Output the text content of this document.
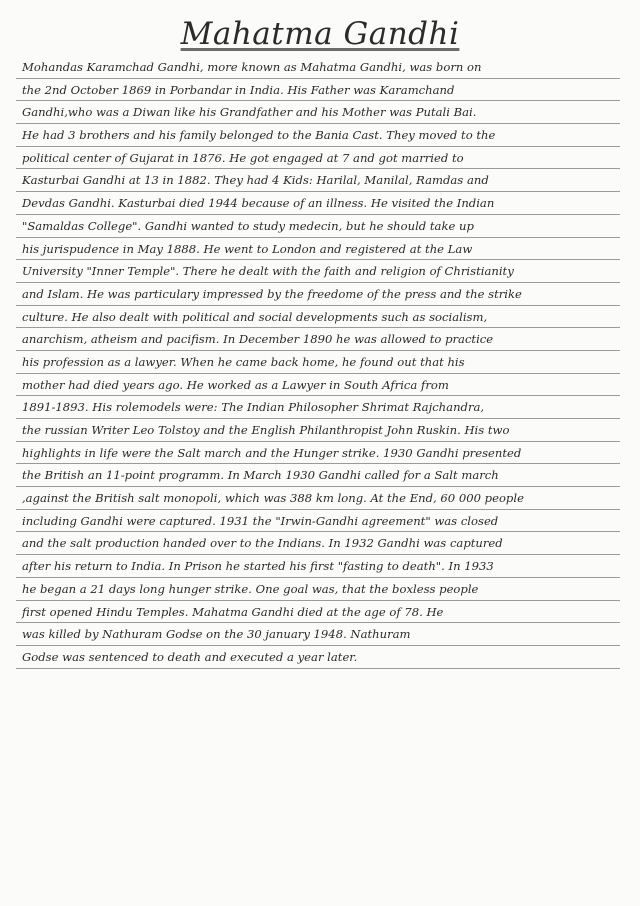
Mahatma Gandhi
Mohandas Karamchad Gandhi, more known as Mahatma Gandhi, was born on
the 2nd October 1869 in Porbandar in India. His Father was Karamchand
Gandhi,who was a Diwan like his Grandfather and his Mother was Putali Bai.
He had 3 brothers and his family belonged to the Bania Cast. They moved to the
political center of Gujarat in 1876. He got engaged at 7 and got married to
Kasturbai Gandhi at 13 in 1882. They had 4 Kids: Harilal, Manilal, Ramdas and
Devdas Gandhi. Kasturbai died 1944 because of an illness. He visited the Indian
"Samaldas College". Gandhi wanted to study medecin, but he should take up
his jurispudence in May 1888. He went to London and registered at the Law
University "Inner Temple". There he dealt with the faith and religion of Christianity
and Islam. He was particulary impressed by the freedome of the press and the strike
culture. He also dealt with political and social developments such as socialism,
anarchism, atheism and pacifism. In December 1890 he was allowed to practice
his profession as a lawyer. When he came back home, he found out that his
mother had died years ago. He worked as a Lawyer in South Africa from
1891-1893. His rolemodels were: The Indian Philosopher Shrimat Rajchandra,
the russian Writer Leo Tolstoy and the English Philanthropist John Ruskin. His two
highlights in life were the Salt march and the Hunger strike. 1930 Gandhi presented
the British an 11-point programm. In March 1930 Gandhi called for a Salt march
,against the British salt monopoli, which was 388 km long. At the End, 60 000 people
including Gandhi were captured. 1931 the "Irwin-Gandhi agreement" was closed
and the salt production handed over to the Indians. In 1932 Gandhi was captured
after his return to India. In Prison he started his first "fasting to death". In 1933
he began a 21 days long hunger strike. One goal was, that the boxless people
first opened Hindu Temples. Mahatma Gandhi died at the age of 78. He
was killed by Nathuram Godse on the 30 january 1948. Nathuram
Godse was sentenced to death and executed a year later.
